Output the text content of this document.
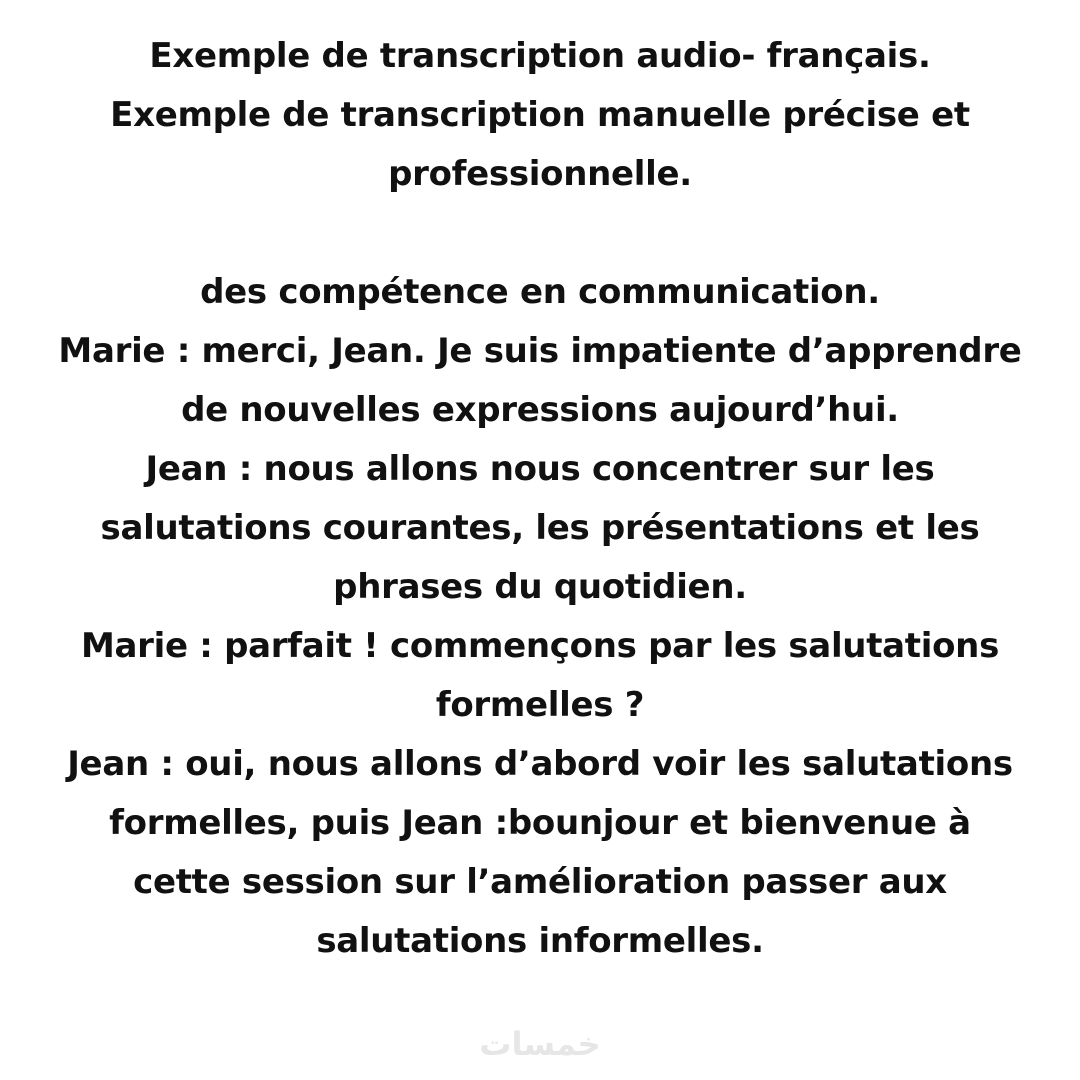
Exemple de transcription audio- français.
Exemple de transcription manuelle précise et
professionnelle.
des compétence en communication.
Marie : merci, Jean. Je suis impatiente d’apprendre
de nouvelles expressions aujourd’hui.
Jean : nous allons nous concentrer sur les
salutations courantes, les présentations et les
phrases du quotidien.
Marie : parfait ! commençons par les salutations
formelles ?
Jean : oui, nous allons d’abord voir les salutations
formelles, puis Jean :bounjour et bienvenue à
cette session sur l’amélioration passer aux
salutations informelles.
خمسات
